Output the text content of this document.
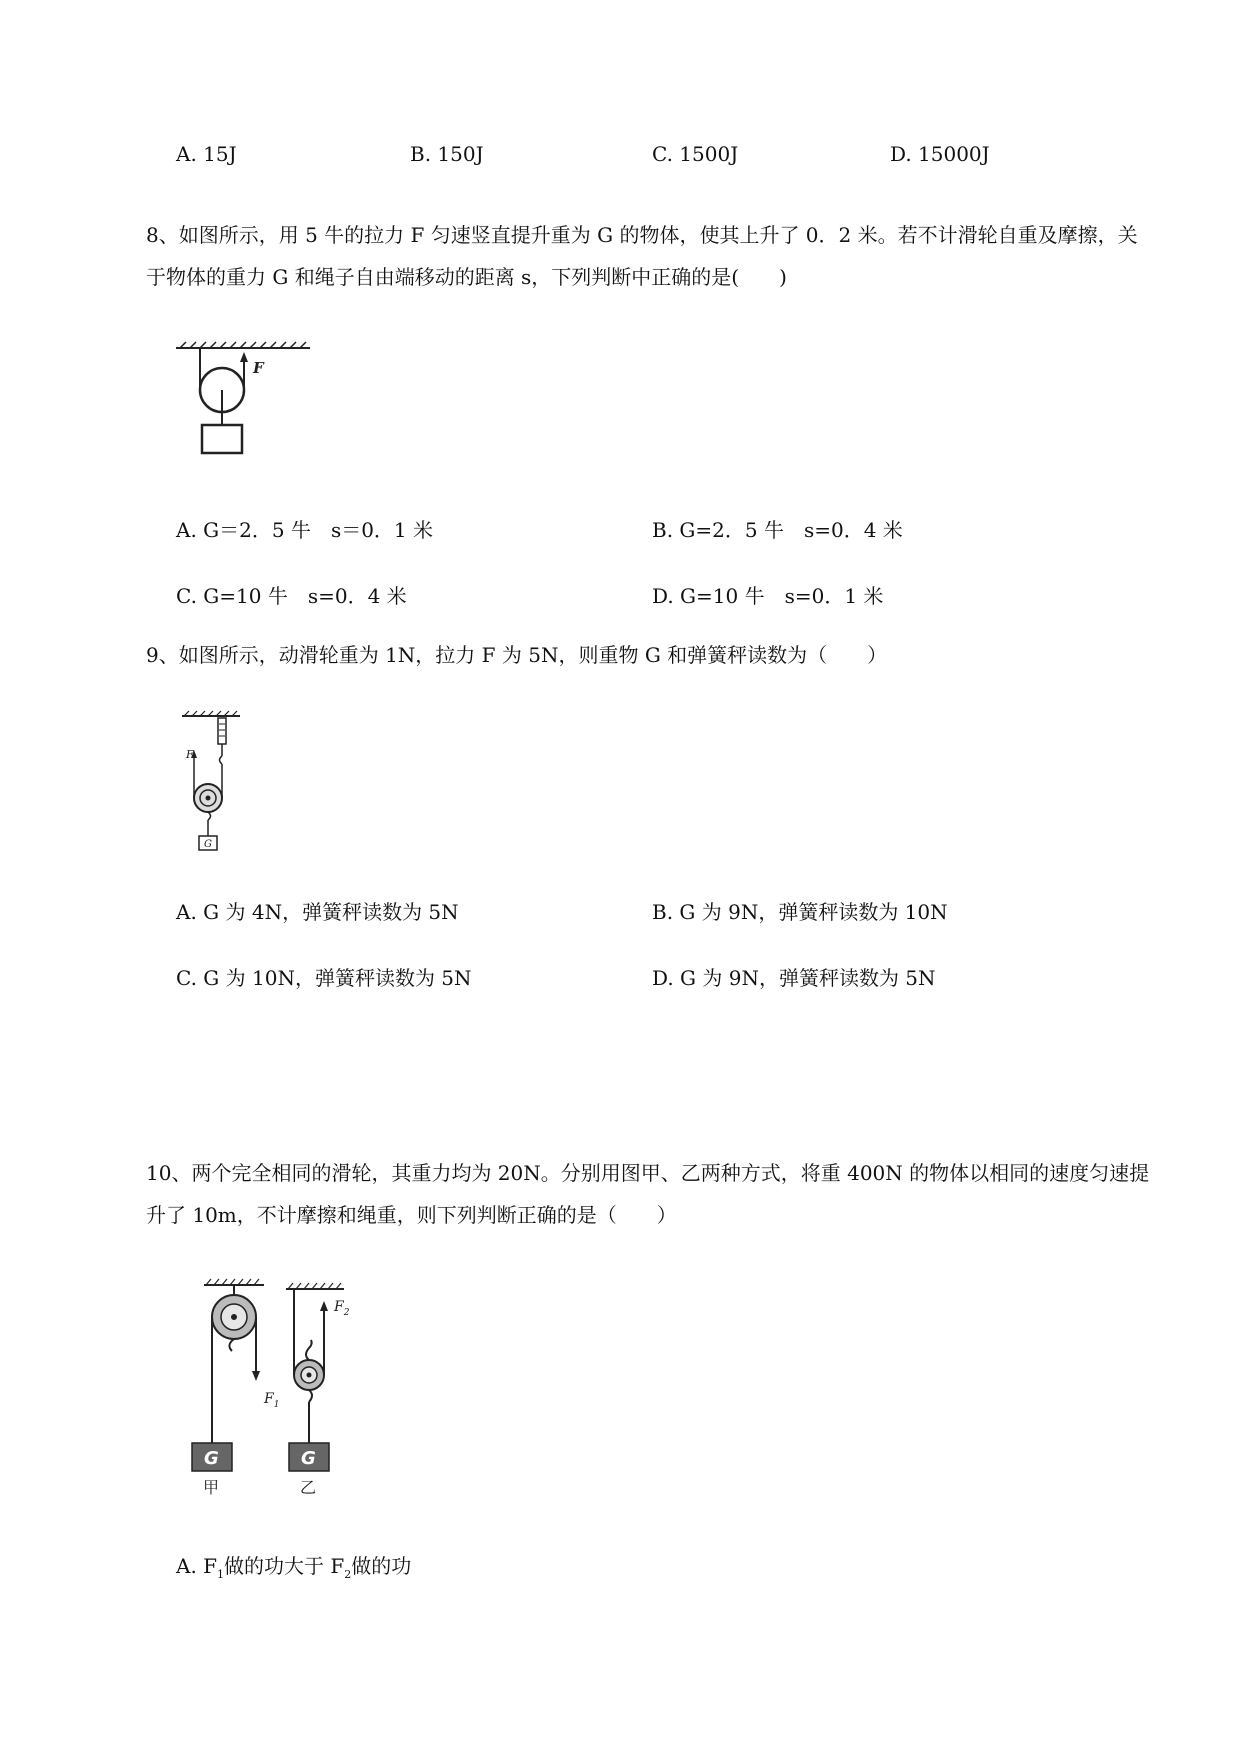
A. 15J	B. 150J	C. 1500J	D. 15000J
8、如图所示，用 5 牛的拉力 F 匀速竖直提升重为 G 的物体，使其上升了 0．2 米。若不计滑轮自重及摩擦，关于物体的重力 G 和绳子自由端移动的距离 s，下列判断中正确的是(　　)
F
A. G＝2．5 牛　s＝0．1 米	B. G=2．5 牛　s=0．4 米
C. G=10 牛　s=0．4 米	D. G=10 牛　s=0．1 米
9、如图所示，动滑轮重为 1N，拉力 F 为 5N，则重物 G 和弹簧秤读数为（　　）
F
G
A. G 为 4N，弹簧秤读数为 5N	B. G 为 9N，弹簧秤读数为 10N
C. G 为 10N，弹簧秤读数为 5N	D. G 为 9N，弹簧秤读数为 5N
10、两个完全相同的滑轮，其重力均为 20N。分别用图甲、乙两种方式，将重 400N 的物体以相同的速度匀速提升了 10m，不计摩擦和绳重，则下列判断正确的是（　　）
G
$F_1$
甲
G
$F_2$
乙
A. $F_1$做的功大于 $F_2$做的功
